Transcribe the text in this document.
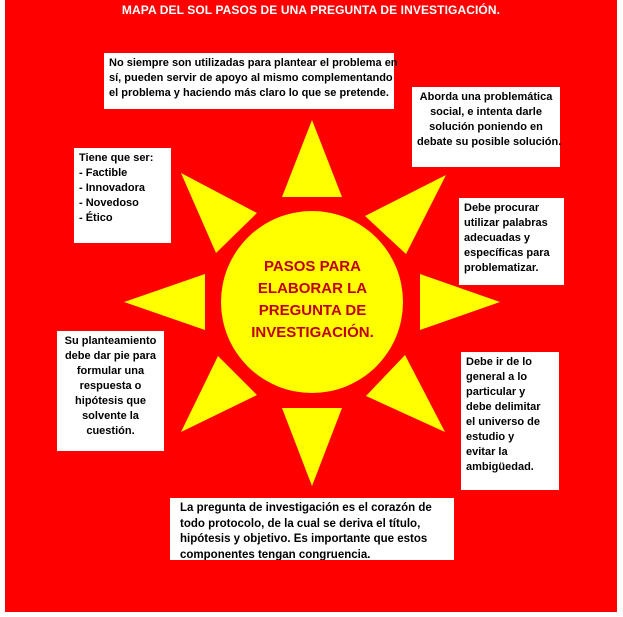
MAPA DEL SOL PASOS DE UNA PREGUNTA DE INVESTIGACIÓN.
PASOS PARA
ELABORAR LA
PREGUNTA DE
INVESTIGACIÓN.
No siempre son utilizadas para plantear el problema en
sí, pueden servir de apoyo al mismo complementando
el problema y haciendo más claro lo que se pretende.	Aborda una problemática
social, e intenta darle
solución poniendo en
debate su posible solución.
Tiene que ser:
- Factible
- Innovadora
- Novedoso
- Ético
Debe procurar
utilizar palabras
adecuadas y
específicas para
problematizar.
Su planteamiento
debe dar pie para
formular una
respuesta o
hipótesis que
solvente la
cuestión.
Debe ir de lo
general a lo
particular y
debe delimitar
el universo de
estudio y
evitar la
ambigüedad.
La pregunta de investigación es el corazón de
todo protocolo, de la cual se deriva el título,
hipótesis y objetivo. Es importante que estos
componentes tengan congruencia.
